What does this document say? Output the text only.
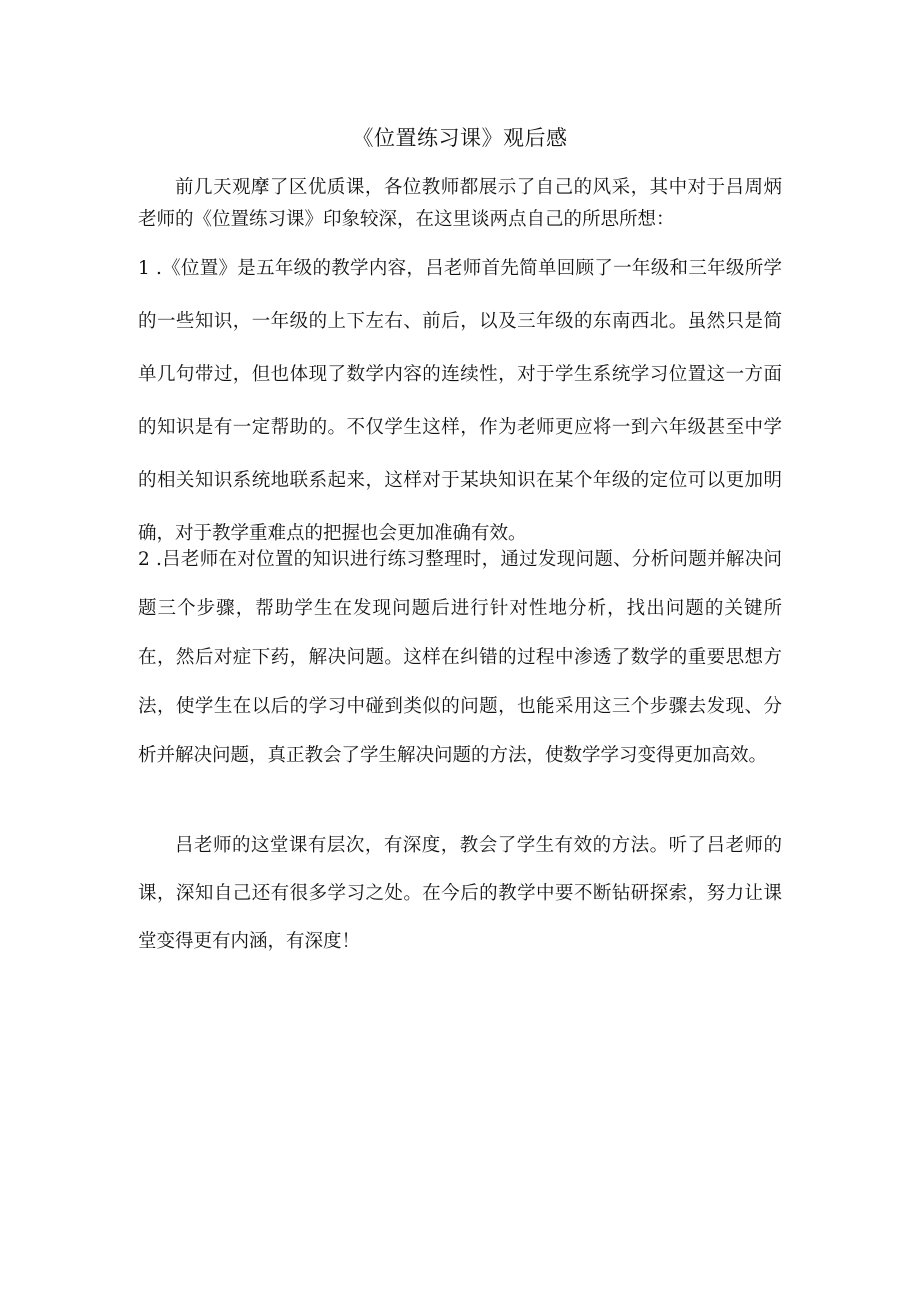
《位置练习课》观后感
前几天观摩了区优质课，各位教师都展示了自己的风采，其中对于吕周炳老师的《位置练习课》印象较深，在这里谈两点自己的所思所想：
1 .《位置》是五年级的教学内容，吕老师首先简单回顾了一年级和三年级所学的一些知识，一年级的上下左右、前后，以及三年级的东南西北。虽然只是简单几句带过，但也体现了数学内容的连续性，对于学生系统学习位置这一方面的知识是有一定帮助的。不仅学生这样，作为老师更应将一到六年级甚至中学的相关知识系统地联系起来，这样对于某块知识在某个年级的定位可以更加明确，对于教学重难点的把握也会更加准确有效。
2 .吕老师在对位置的知识进行练习整理时，通过发现问题、分析问题并解决问题三个步骤，帮助学生在发现问题后进行针对性地分析，找出问题的关键所在，然后对症下药，解决问题。这样在纠错的过程中渗透了数学的重要思想方法，使学生在以后的学习中碰到类似的问题，也能采用这三个步骤去发现、分析并解决问题，真正教会了学生解决问题的方法，使数学学习变得更加高效。
吕老师的这堂课有层次，有深度，教会了学生有效的方法。听了吕老师的课，深知自己还有很多学习之处。在今后的教学中要不断钻研探索，努力让课堂变得更有内涵，有深度！
